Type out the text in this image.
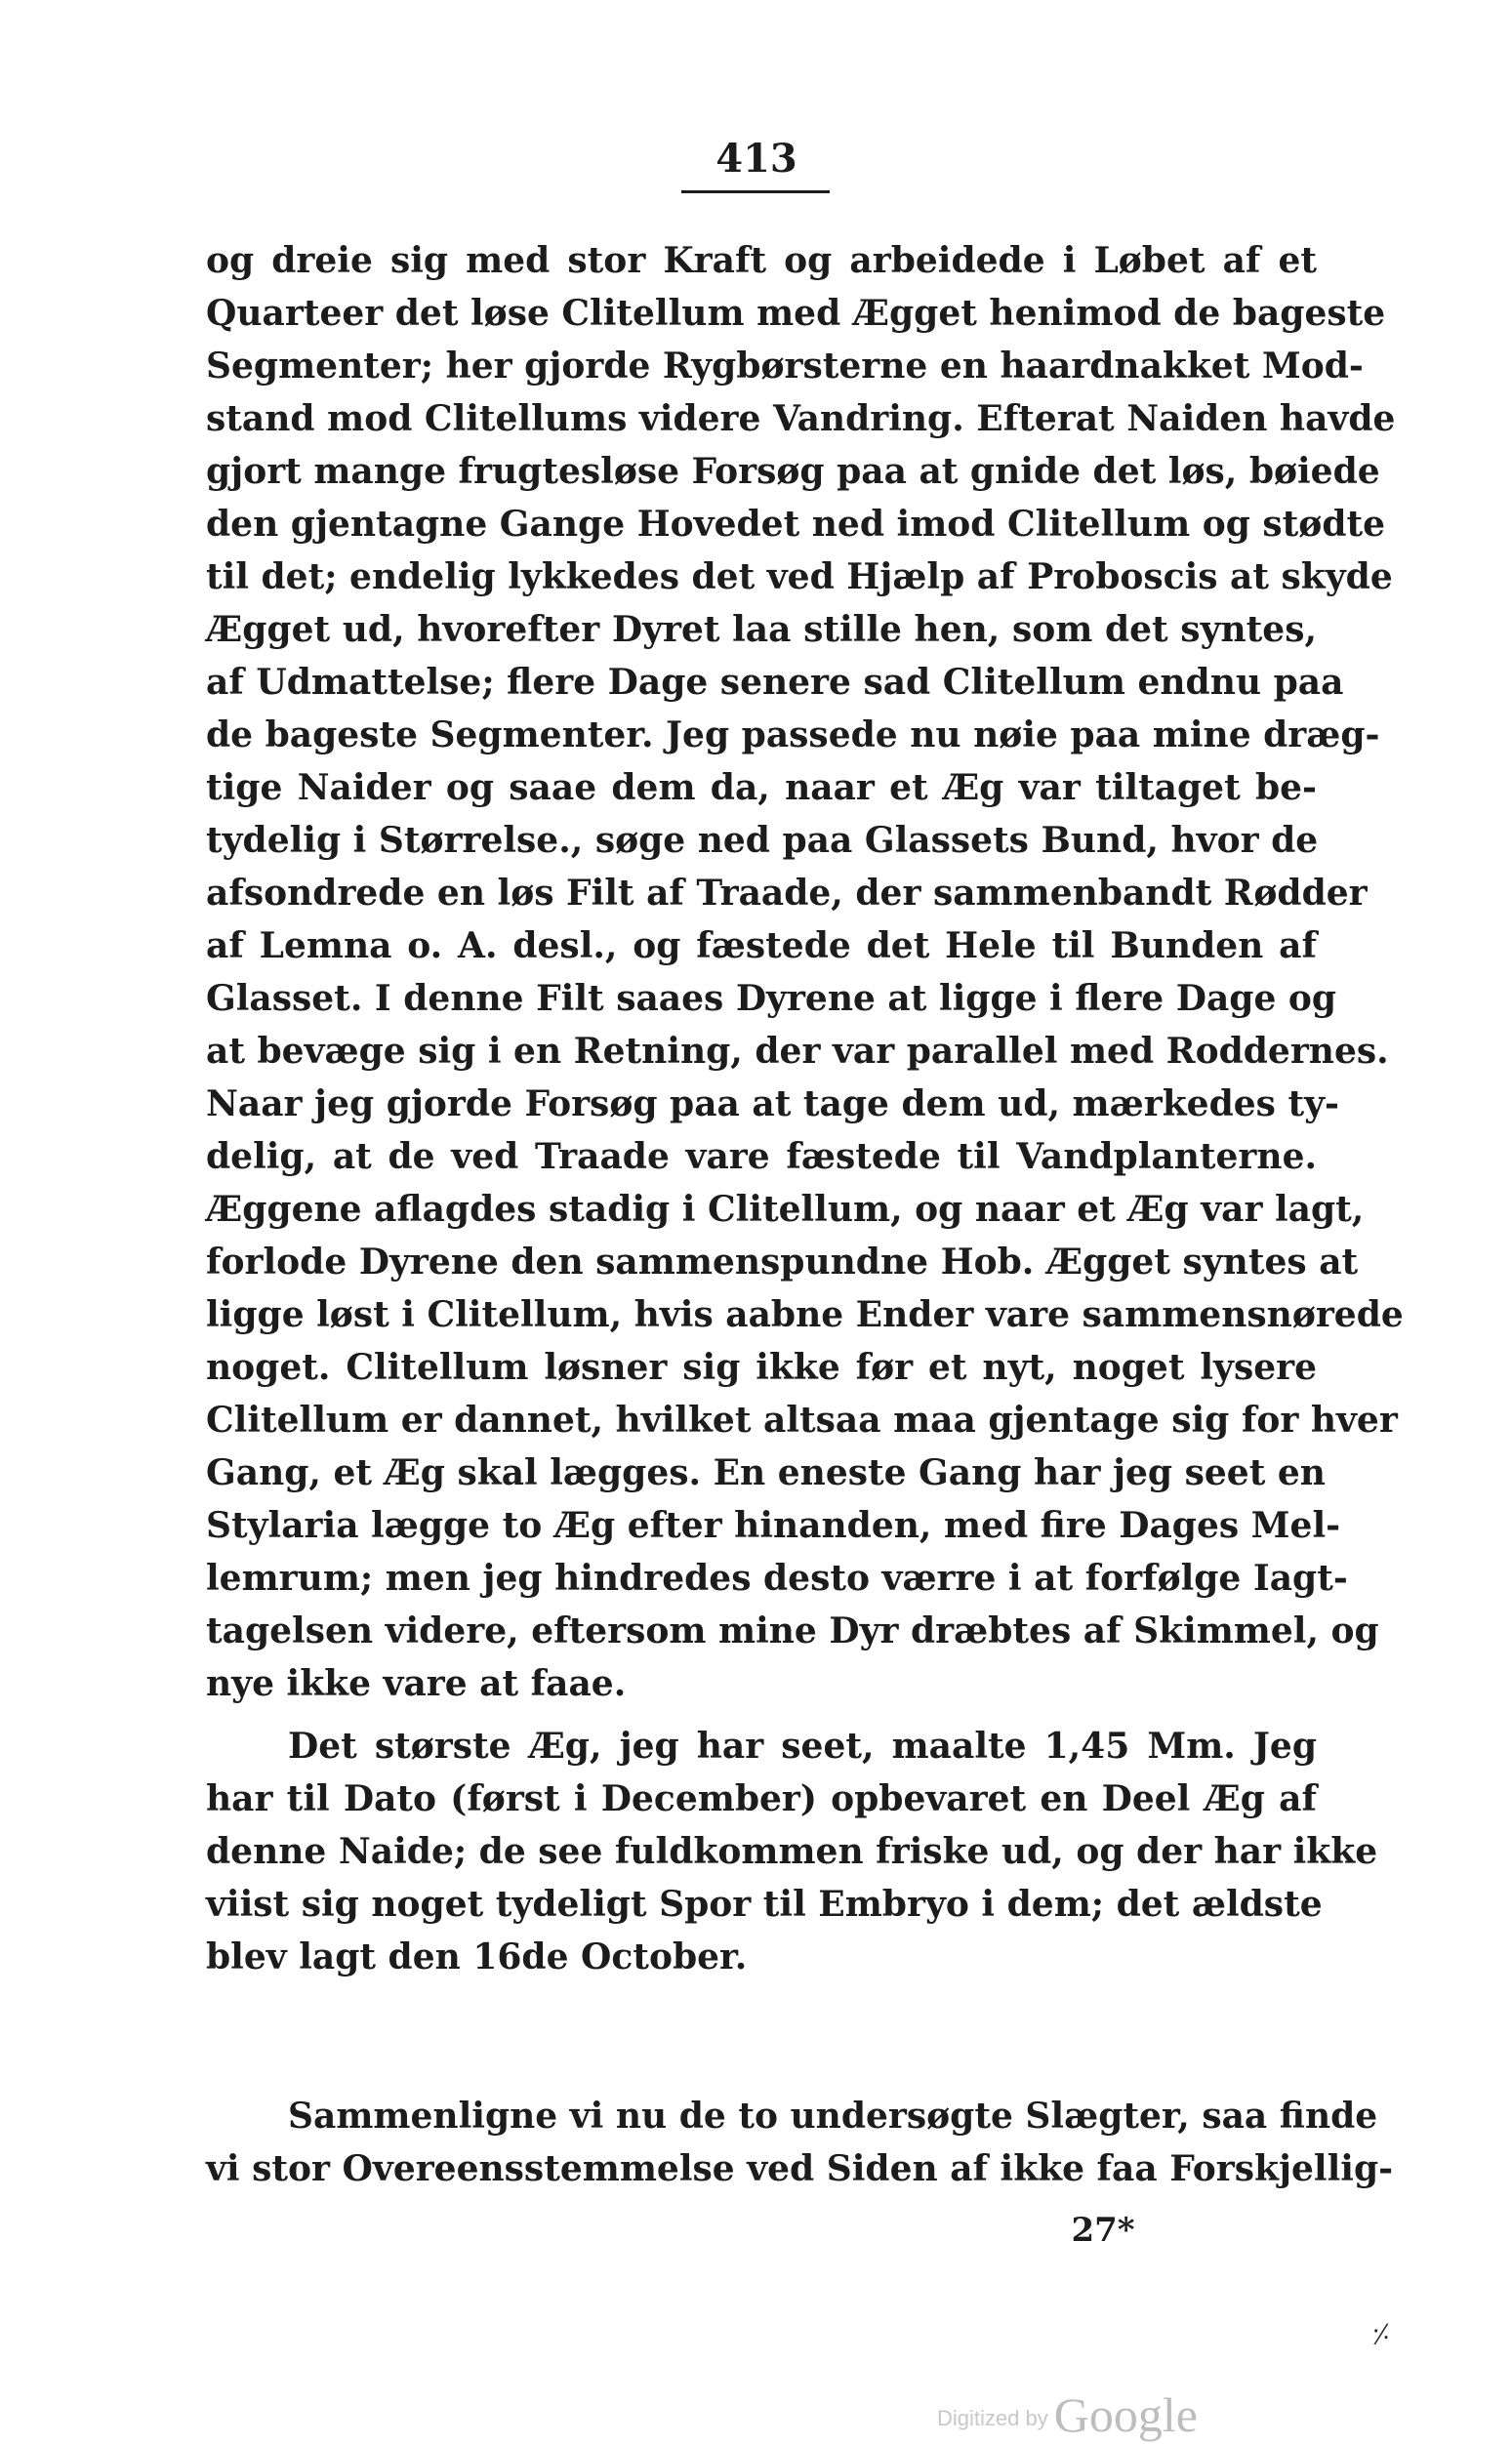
413
og dreie sig med stor Kraft og arbeidede i Løbet af et
Quarteer det løse Clitellum med Ægget henimod de bageste
Segmenter; her gjorde Rygbørsterne en haardnakket Mod-
stand mod Clitellums videre Vandring. Efterat Naiden havde
gjort mange frugtesløse Forsøg paa at gnide det løs, bøiede
den gjentagne Gange Hovedet ned imod Clitellum og stødte
til det; endelig lykkedes det ved Hjælp af Proboscis at skyde
Ægget ud, hvorefter Dyret laa stille hen, som det syntes,
af Udmattelse; flere Dage senere sad Clitellum endnu paa
de bageste Segmenter. Jeg passede nu nøie paa mine dræg-
tige Naider og saae dem da, naar et Æg var tiltaget be-
tydelig i Størrelse., søge ned paa Glassets Bund, hvor de
afsondrede en løs Filt af Traade, der sammenbandt Rødder
af Lemna o. A. desl., og fæstede det Hele til Bunden af
Glasset. I denne Filt saaes Dyrene at ligge i flere Dage og
at bevæge sig i en Retning, der var parallel med Roddernes.
Naar jeg gjorde Forsøg paa at tage dem ud, mærkedes ty-
delig, at de ved Traade vare fæstede til Vandplanterne.
Æggene aflagdes stadig i Clitellum, og naar et Æg var lagt,
forlode Dyrene den sammenspundne Hob. Ægget syntes at
ligge løst i Clitellum, hvis aabne Ender vare sammensnørede
noget. Clitellum løsner sig ikke før et nyt, noget lysere
Clitellum er dannet, hvilket altsaa maa gjentage sig for hver
Gang, et Æg skal lægges. En eneste Gang har jeg seet en
Stylaria lægge to Æg efter hinanden, med fire Dages Mel-
lemrum; men jeg hindredes desto værre i at forfølge Iagt-
tagelsen videre, eftersom mine Dyr dræbtes af Skimmel, og
nye ikke vare at faae.
Det største Æg, jeg har seet, maalte 1,45 Mm. Jeg
har til Dato (først i December) opbevaret en Deel Æg af
denne Naide; de see fuldkommen friske ud, og der har ikke
viist sig noget tydeligt Spor til Embryo i dem; det ældste
blev lagt den 16de October.
Sammenligne vi nu de to undersøgte Slægter, saa finde
vi stor Overeensstemmelse ved Siden af ikke faa Forskjellig-
27*
⸓
Digitized by Google
